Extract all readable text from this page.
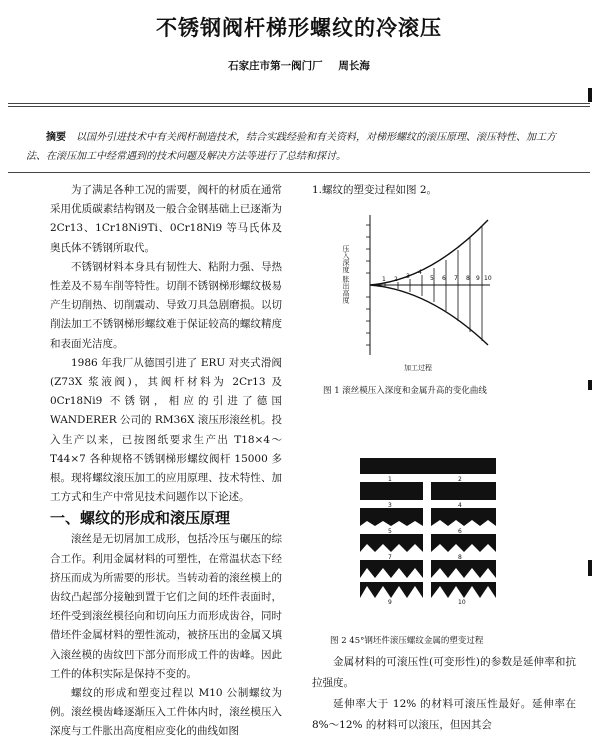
不锈钢阀杆梯形螺纹的冷滚压
石家庄市第一阀门厂 周长海
摘要 以国外引进技术中有关阀杆制造技术，结合实践经验和有关资料，对梯形螺纹的滚压原理、滚压特性、加工方法、在滚压加工中经常遇到的技术问题及解决方法等进行了总结和探讨。

为了满足各种工况的需要，阀杆的材质在通常采用优质碳素结构钢及一般合金钢基础上已逐渐为 2Cr13、1Cr18Ni9Ti、0Cr18Ni9 等马氏体及奥氏体不锈钢所取代。

不锈钢材料本身具有韧性大、粘附力强、导热性差及不易车削等特性。切削不锈钢梯形螺纹极易产生切削热、切削震动、导致刀具急剧磨损。以切削法加工不锈钢梯形螺纹难于保证较高的螺纹精度和表面光洁度。

1986 年我厂从德国引进了 ERU 对夹式滑阀(Z73X 浆液阀)，其阀杆材料为 2Cr13 及 0Cr18Ni9 不锈钢，相应的引进了德国 WANDERER 公司的 RM36X 滚压形滚丝机。投入生产以来，已按图纸要求生产出 T18×4～T44×7 各种规格不锈钢梯形螺纹阀杆 15000 多根。现将螺纹滚压加工的应用原理、技术特性、加工方式和生产中常见技术问题作以下论述。

一、螺纹的形成和滚压原理

滚丝是无切屑加工成形，包括冷压与碾压的综合工作。利用金属材料的可塑性，在常温状态下经挤压而成为所需要的形状。当转动着的滚丝模上的齿纹凸起部分接触到置于它们之间的坯件表面时，坯件受到滚丝模径向和切向压力而形成齿谷，同时借坯件金属材料的塑性流动，被挤压出的金属又填入滚丝模的齿纹凹下部分而形成工件的齿峰。因此工件的体积实际是保持不变的。

螺纹的形成和塑变过程以 M10 公制螺纹为例。滚丝模齿峰逐渐压入工件体内时，滚丝模压入深度与工件胀出高度相应变化的曲线如图

1.螺纹的塑变过程如图 2。

1 2 3
4
5 6 7 8 9 10
压入深度 胀出高度
加工过程
图 1 滚丝模压入深度和金属升高的变化曲线
1	2
3	4
5	6
7	8
9	10
图 2 45°钢坯件滚压螺纹金属的塑变过程

金属材料的可滚压性(可变形性)的参数是延伸率和抗拉强度。

延伸率大于 12% 的材料可滚压性最好。延伸率在 8%～12% 的材料可以滚压，但因其会
